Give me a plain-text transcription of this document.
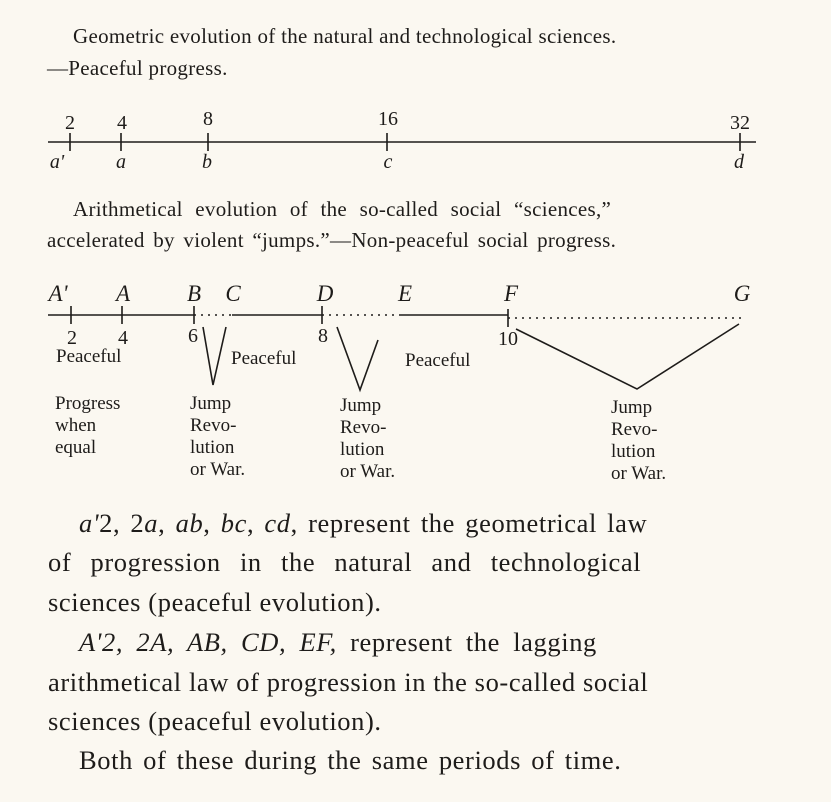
Geometric evolution of the natural and technological sciences.
—Peaceful progress.
2 4	8	16	32
a'	a	b	c	d
A' A B C	D	E	F	G
2 4	6	8	10
Peaceful	Peaceful	Peaceful
Progress
when
equal
Jump
Revo-
lution
or War.
Jump
Revo-
lution
or War.
Jump
Revo-
lution
or War.
Arithmetical evolution of the so-called social “sciences,”
accelerated by violent “jumps.”—Non-peaceful social progress.
a'2, 2a, ab, bc, cd, represent the geometrical law
of progression in the natural and technological
sciences (peaceful evolution).
A'2, 2A, AB, CD, EF, represent the lagging
arithmetical law of progression in the so-called social
sciences (peaceful evolution).
Both of these during the same periods of time.
